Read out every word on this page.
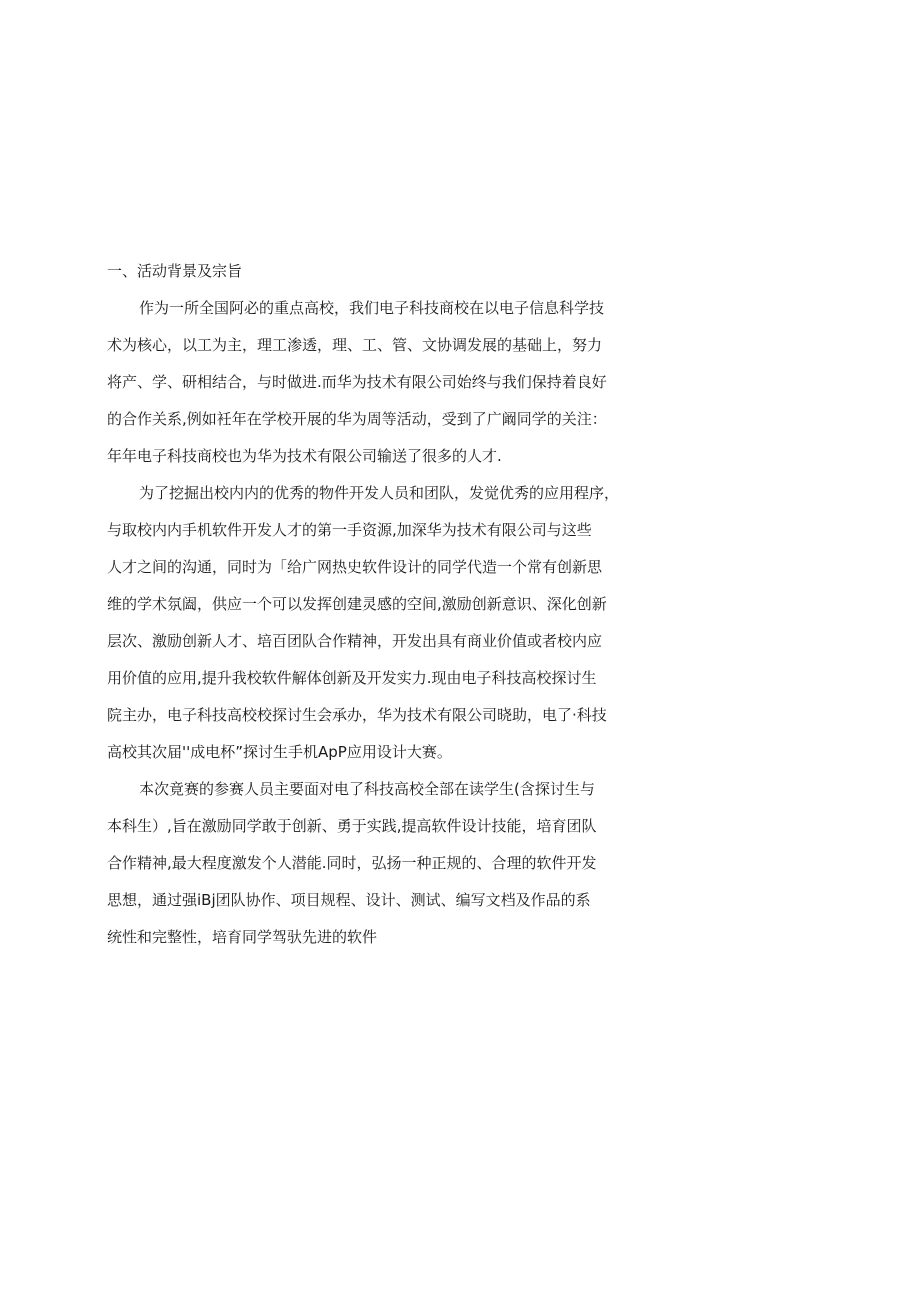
一、活动背景及宗旨
作为一所全国阿必的重点高校，我们电子科技商校在以电子信息科学技
术为核心，以工为主，理工渗透，理、工、管、文协调发展的基础上，努力
将产、学、研相结合，与时做进.而华为技术有限公司始终与我们保持着良好
的合作关系,例如衽年在学校开展的华为周等活动，受到了广阚同学的关注：
年年电子科技商校也为华为技术有限公司输送了很多的人才.
为了挖掘出校内内的优秀的物件开发人员和团队，发觉优秀的应用程序，
与取校内内手机软件开发人才的第一手资源,加深华为技术有限公司与这些
人才之间的沟通，同时为「给广网热史软件设计的同学代造一个常有创新思
维的学术氛阖，供应一个可以发挥创建灵感的空间,激励创新意识、深化创新
层次、激励创新人才、培百团队合作精神，开发出具有商业价值或者校内应
用价值的应用,提升我校软件解体创新及开发实力.现由电子科技高校探讨生
院主办，电子科技高校校探讨生会承办，华为技术有限公司晓助，电了·科技
高校其次届''成电杯”探讨生手机ApP应用设计大赛。
本次竟赛的参赛人员主要面对电了科技高校全部在读学生(含探讨生与
本科生）,旨在激励同学敢于创新、勇于实践,提高软件设计技能，培育团队
合作精神,最大程度激发个人潜能.同时，弘扬一种正规的、合理的软件开发
思想，通过强iBj团队协作、项目规程、设计、测试、编写文档及作品的系
统性和完整性，培育同学驾驮先进的软件
